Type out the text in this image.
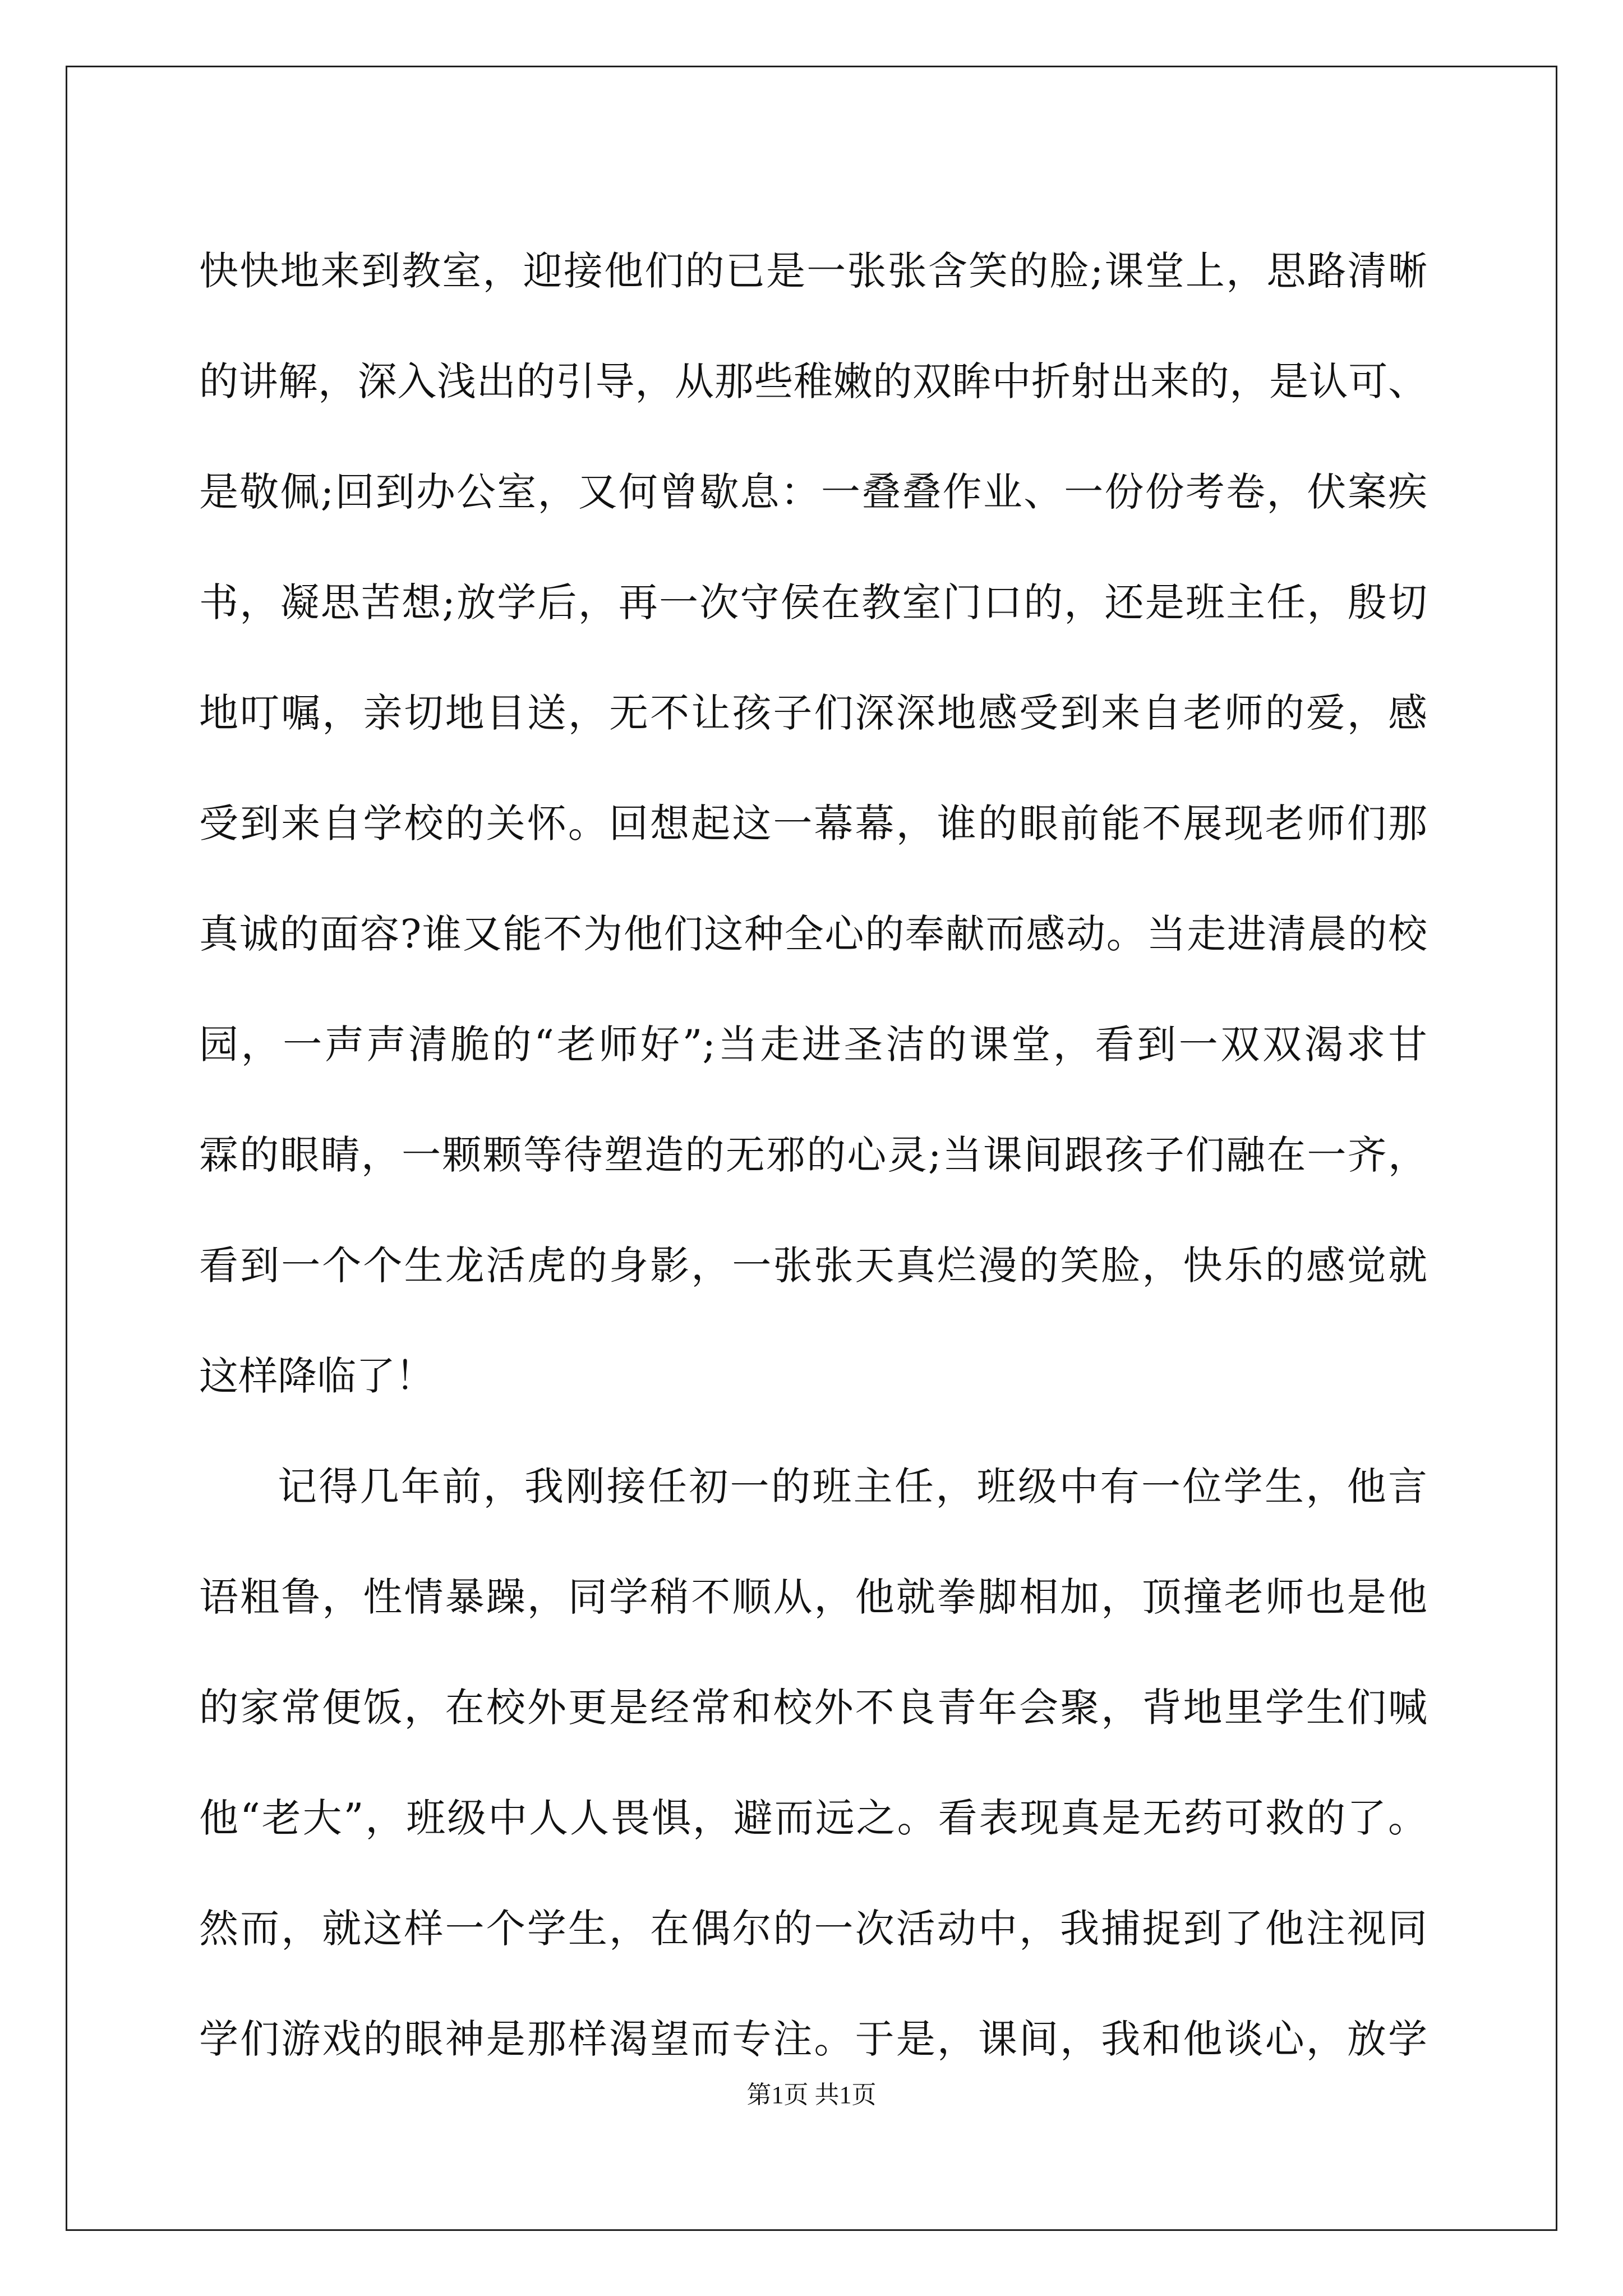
快快地来到教室，迎接他们的已是一张张含笑的脸;课堂上，思路清晰
的讲解，深入浅出的引导，从那些稚嫩的双眸中折射出来的，是认可、
是敬佩;回到办公室，又何曾歇息：一叠叠作业、一份份考卷，伏案疾
书，凝思苦想;放学后，再一次守侯在教室门口的，还是班主任，殷切
地叮嘱，亲切地目送，无不让孩子们深深地感受到来自老师的爱，感
受到来自学校的关怀。回想起这一幕幕，谁的眼前能不展现老师们那
真诚的面容?谁又能不为他们这种全心的奉献而感动。当走进清晨的校
园，一声声清脆的“老师好”;当走进圣洁的课堂，看到一双双渴求甘
霖的眼睛，一颗颗等待塑造的无邪的心灵;当课间跟孩子们融在一齐，
看到一个个生龙活虎的身影，一张张天真烂漫的笑脸，快乐的感觉就
这样降临了！
记得几年前，我刚接任初一的班主任，班级中有一位学生，他言
语粗鲁，性情暴躁，同学稍不顺从，他就拳脚相加，顶撞老师也是他
的家常便饭，在校外更是经常和校外不良青年会聚，背地里学生们喊
他“老大”，班级中人人畏惧，避而远之。看表现真是无药可救的了。
然而，就这样一个学生，在偶尔的一次活动中，我捕捉到了他注视同
学们游戏的眼神是那样渴望而专注。于是，课间，我和他谈心，放学
第1页 共1页
